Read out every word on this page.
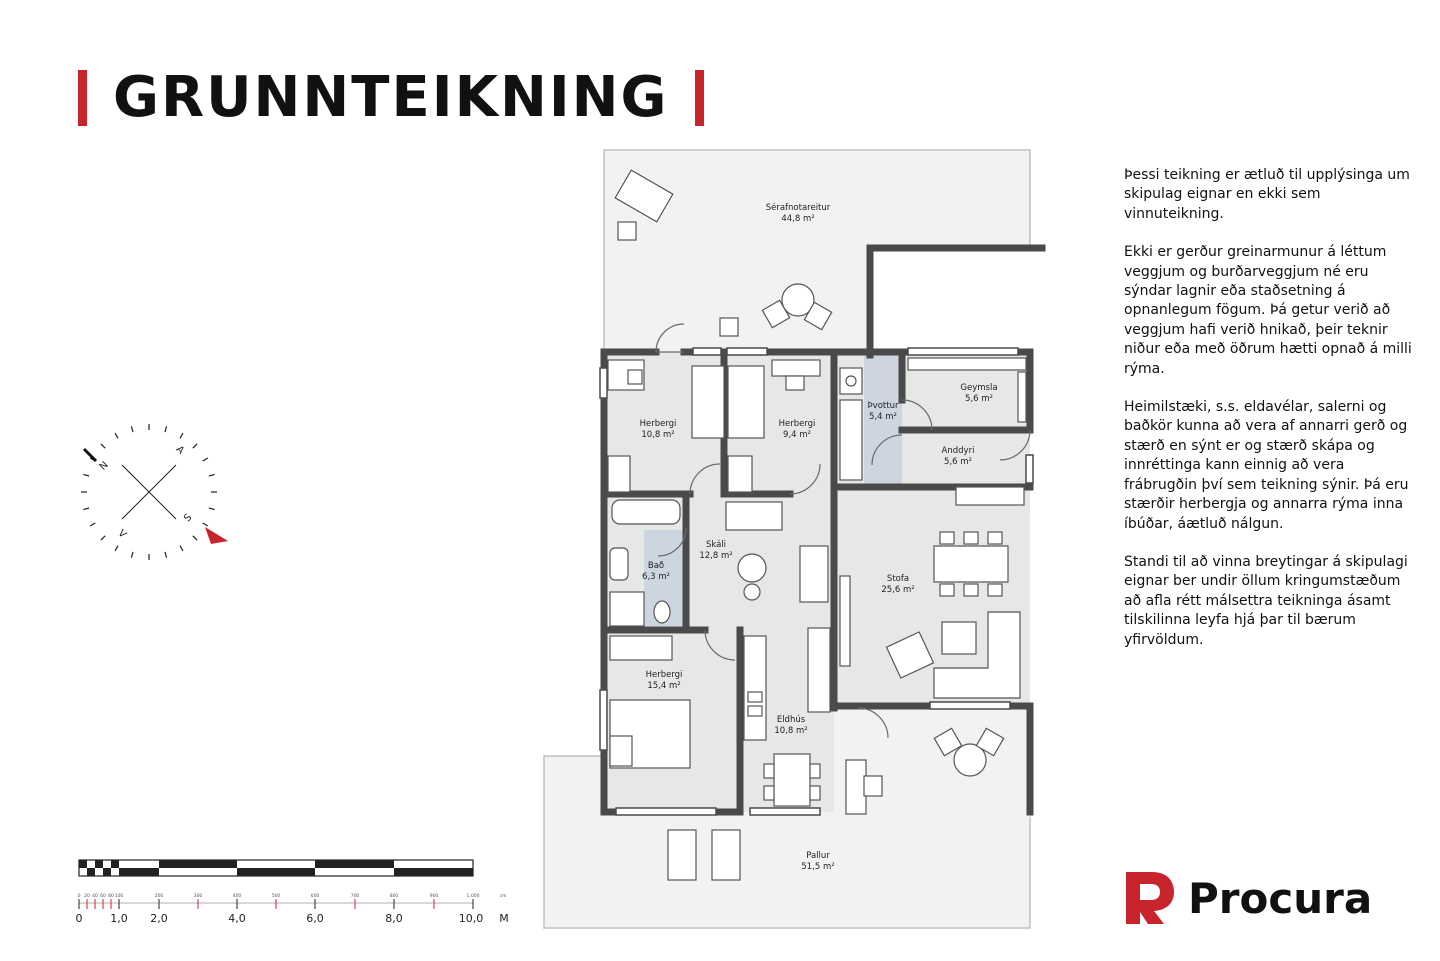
GRUNNTEIKNING
Sérafnotareitur
44,8 m²
Herbergi
10,8 m²
Herbergi
9,4 m²
Þvottur
5,4 m²
Geymsla
5,6 m²
Anddyri
5,6 m²
Skáli
12,8 m²
Bað
6,3 m²	Stofa
25,6 m²
Herbergi
15,4 m²
Eldhús
10,8 m²
Pallur
51,5 m²
N
A
S
V
0 20 40 60 80 100	200	300	400	500	600	700	800	900	1.000	cm
0	1,0 2,0	4,0	6,0	8,0	10,0 M

Þessi teikning er ætluð til upplýsinga um skipulag eignar en ekki sem vinnuteikning.

Ekki er gerður greinarmunur á léttum veggjum og burðarveggjum né eru sýndar lagnir eða staðsetning á opnanlegum fögum. Þá getur verið að veggjum hafi verið hnikað, þeir teknir niður eða með öðrum hætti opnað á milli rýma.

Heimilstæki, s.s. eldavélar, salerni og baðkör kunna að vera af annarri gerð og stærð en sýnt er og stærð skápa og innréttinga kann einnig að vera frábrugðin því sem teikning sýnir. Þá eru stærðir herbergja og annarra rýma inna íbúðar, áætluð nálgun.

Standi til að vinna breytingar á skipulagi eignar ber undir öllum kringumstæðum að afla rétt málsettra teikninga ásamt tilskilinna leyfa hjá þar til bærum yfirvöldum.

Procura
